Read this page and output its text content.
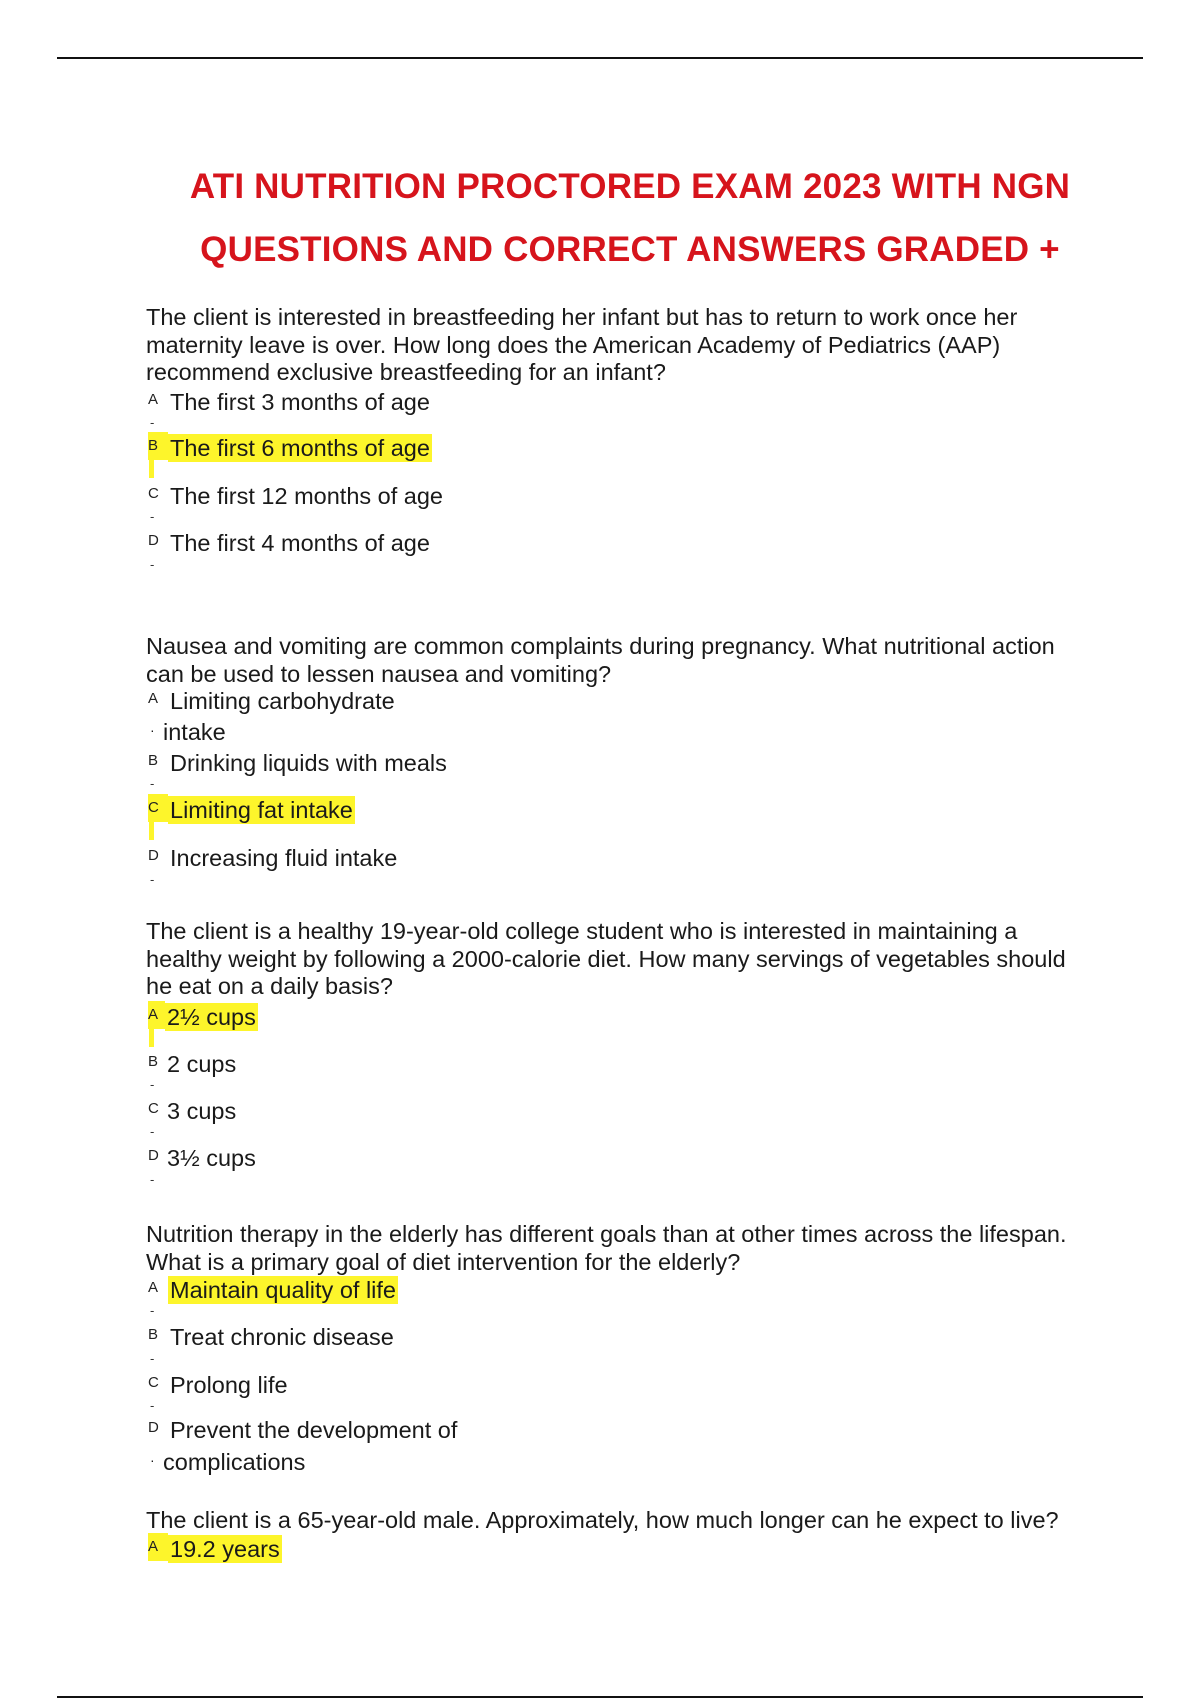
ATI NUTRITION PROCTORED EXAM 2023 WITH NGN
QUESTIONS AND CORRECT ANSWERS GRADED +
The client is interested in breastfeeding her infant but has to return to work once her maternity leave is over. How long does the American Academy of Pediatrics (AAP) recommend exclusive breastfeeding for an infant?
A The first 3 months of age
-
B The first 6 months of age
C The first 12 months of age
-
D The first 4 months of age
-
Nausea and vomiting are common complaints during pregnancy. What nutritional action can be used to lessen nausea and vomiting?
A Limiting carbohydrate
· intake
B Drinking liquids with meals
-
C Limiting fat intake
D Increasing fluid intake
-
The client is a healthy 19-year-old college student who is interested in maintaining a healthy weight by following a 2000-calorie diet. How many servings of vegetables should he eat on a daily basis?
A 2½ cups
B 2 cups
-
C 3 cups
-
D 3½ cups
-
Nutrition therapy in the elderly has different goals than at other times across the lifespan. What is a primary goal of diet intervention for the elderly?
A Maintain quality of life
-
B Treat chronic disease
-
C Prolong life
-
D Prevent the development of
· complications
The client is a 65-year-old male. Approximately, how much longer can he expect to live?
A 19.2 years
